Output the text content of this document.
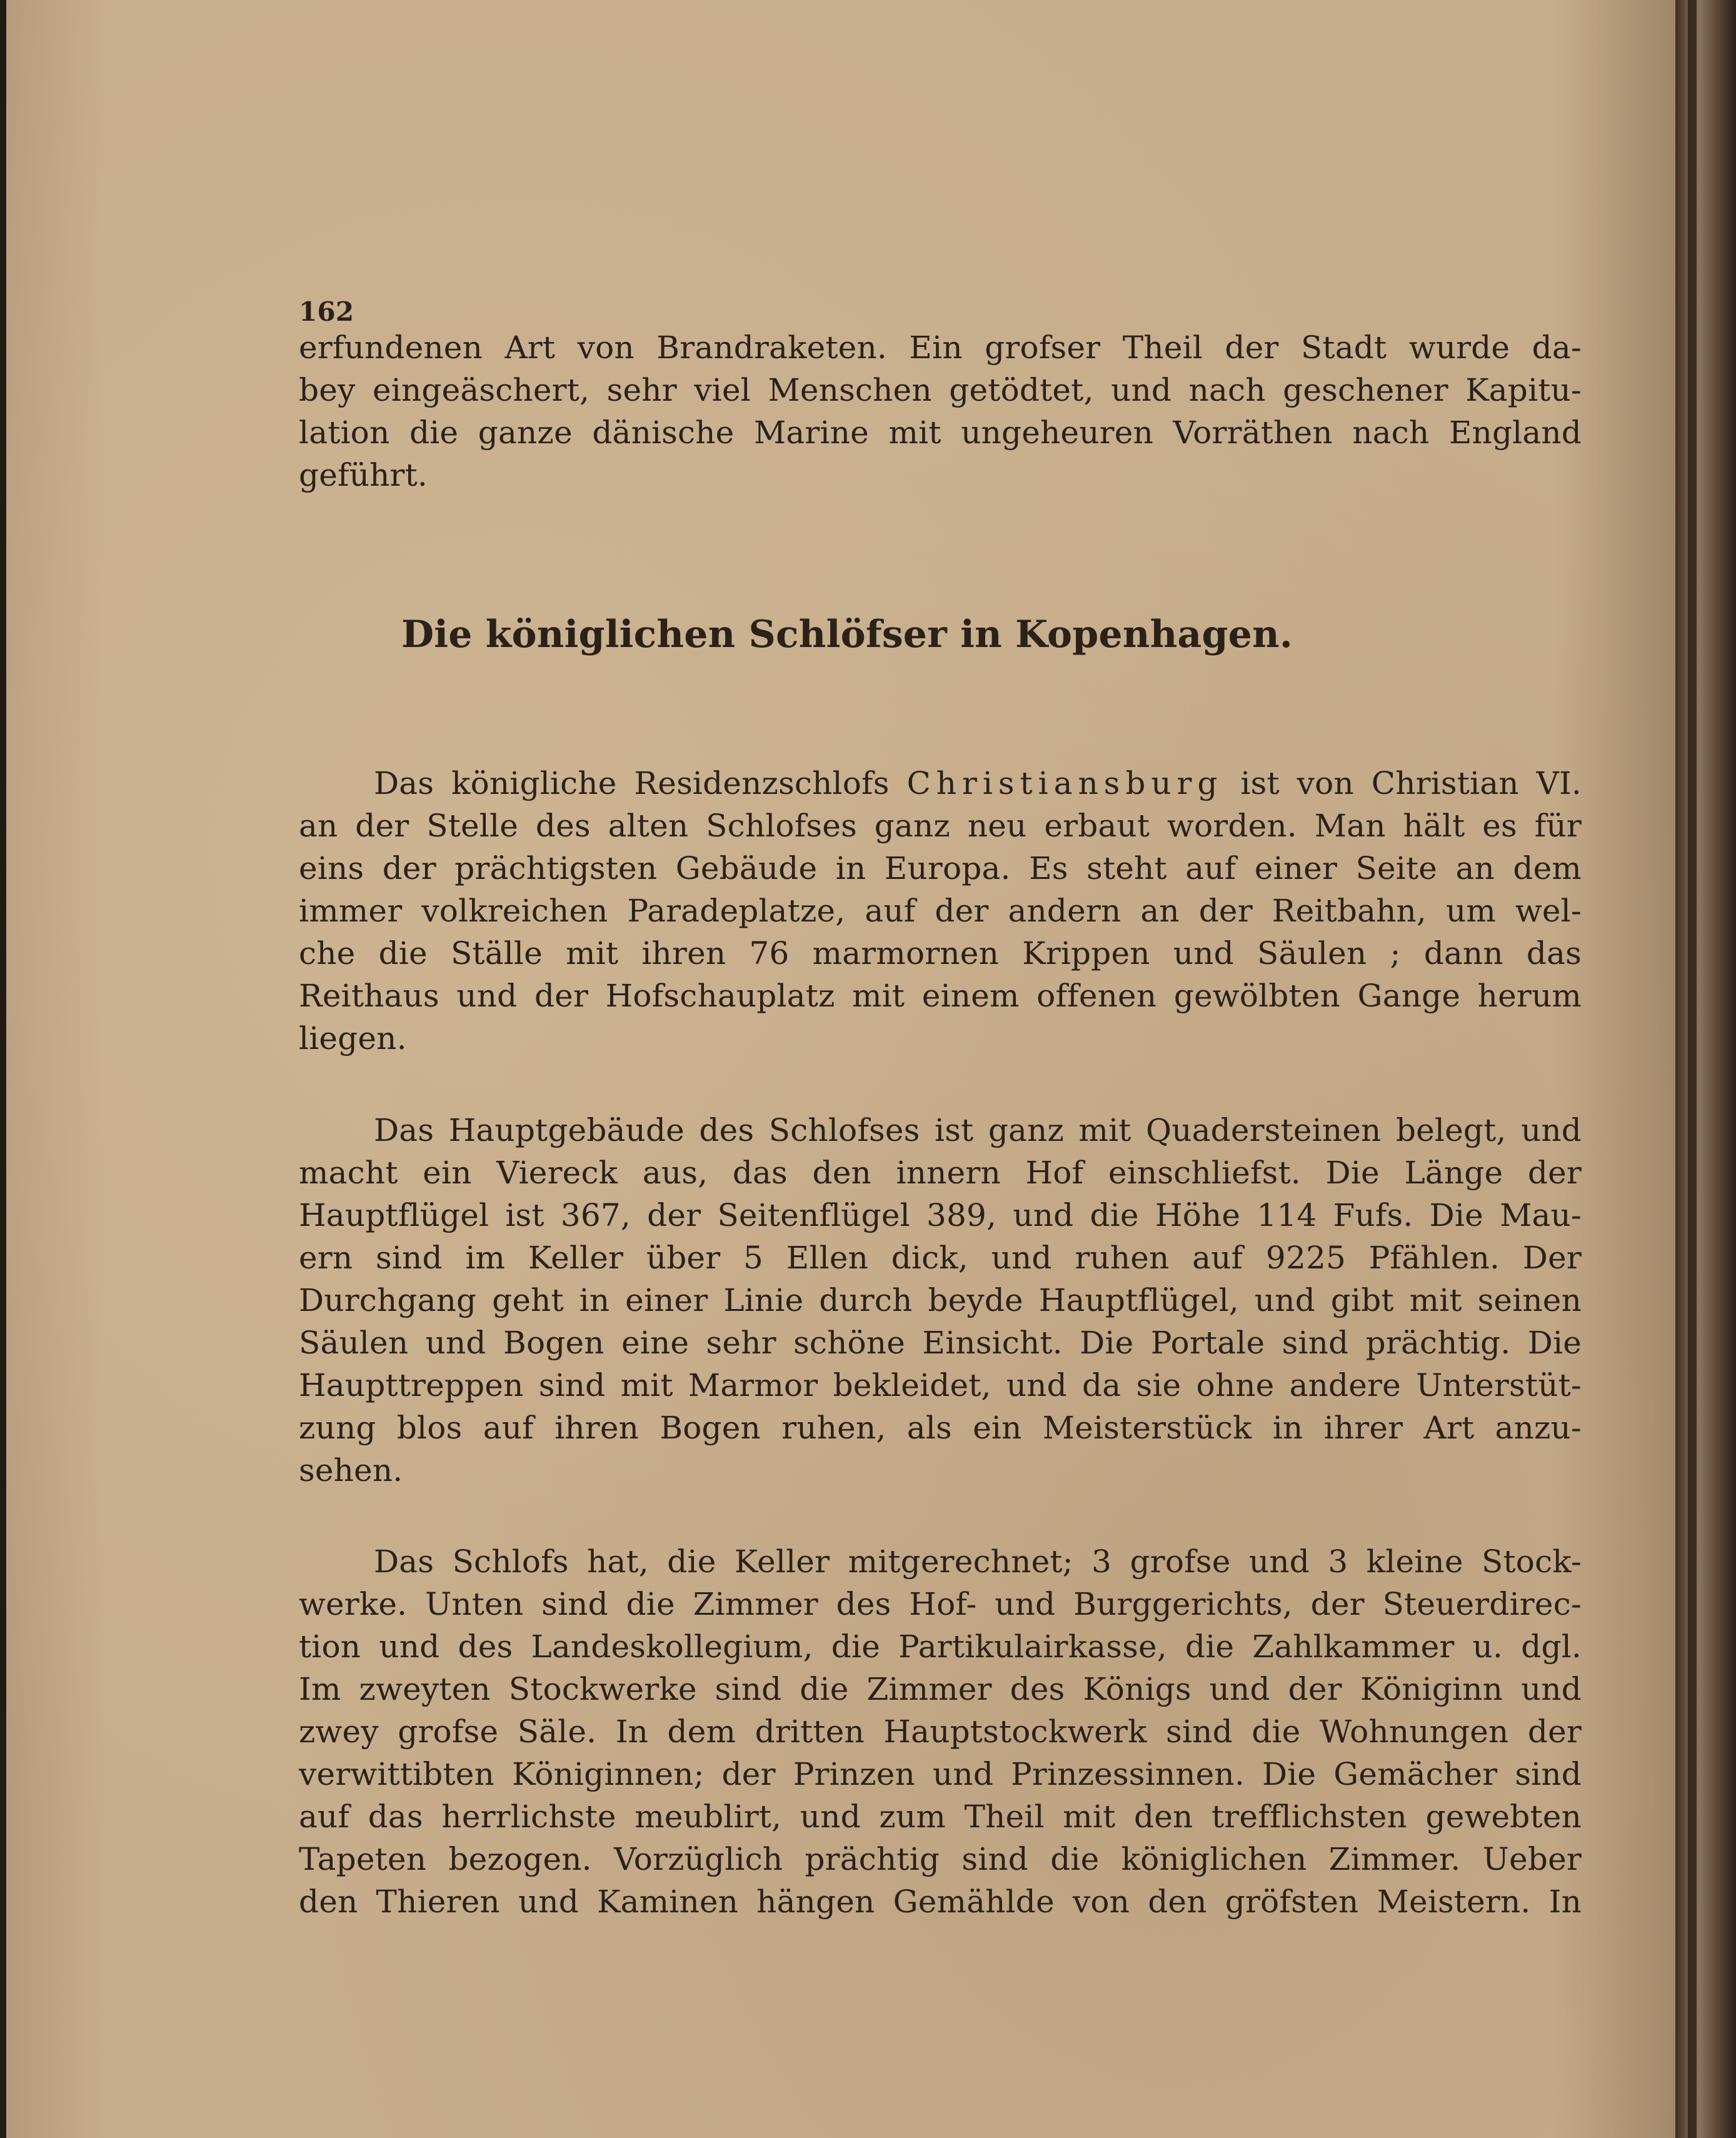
162
erfundenen Art von Brandraketen. Ein grofser Theil der Stadt wurde da-
bey eingeäschert, sehr viel Menschen getödtet, und nach geschener Kapitu-
lation die ganze dänische Marine mit ungeheuren Vorräthen nach England
geführt.
Die königlichen Schlöfser in Kopenhagen.
Das königliche Residenzschlofs Christiansburg ist von Christian VI.
an der Stelle des alten Schlofses ganz neu erbaut worden. Man hält es für
eins der prächtigsten Gebäude in Europa. Es steht auf einer Seite an dem
immer volkreichen Paradeplatze, auf der andern an der Reitbahn, um wel-
che die Ställe mit ihren 76 marmornen Krippen und Säulen ; dann das
Reithaus und der Hofschauplatz mit einem offenen gewölbten Gange herum
liegen.
Das Hauptgebäude des Schlofses ist ganz mit Quadersteinen belegt, und
macht ein Viereck aus, das den innern Hof einschliefst. Die Länge der
Hauptflügel ist 367, der Seitenflügel 389, und die Höhe 114 Fufs. Die Mau-
ern sind im Keller über 5 Ellen dick, und ruhen auf 9225 Pfählen. Der
Durchgang geht in einer Linie durch beyde Hauptflügel, und gibt mit seinen
Säulen und Bogen eine sehr schöne Einsicht. Die Portale sind prächtig. Die
Haupttreppen sind mit Marmor bekleidet, und da sie ohne andere Unterstüt-
zung blos auf ihren Bogen ruhen, als ein Meisterstück in ihrer Art anzu-
sehen.
Das Schlofs hat, die Keller mitgerechnet; 3 grofse und 3 kleine Stock-
werke. Unten sind die Zimmer des Hof- und Burggerichts, der Steuerdirec-
tion und des Landeskollegium, die Partikulairkasse, die Zahlkammer u. dgl.
Im zweyten Stockwerke sind die Zimmer des Königs und der Königinn und
zwey grofse Säle. In dem dritten Hauptstockwerk sind die Wohnungen der
verwittibten Königinnen; der Prinzen und Prinzessinnen. Die Gemächer sind
auf das herrlichste meublirt, und zum Theil mit den trefflichsten gewebten
Tapeten bezogen. Vorzüglich prächtig sind die königlichen Zimmer. Ueber
den Thieren und Kaminen hängen Gemählde von den gröfsten Meistern. In
